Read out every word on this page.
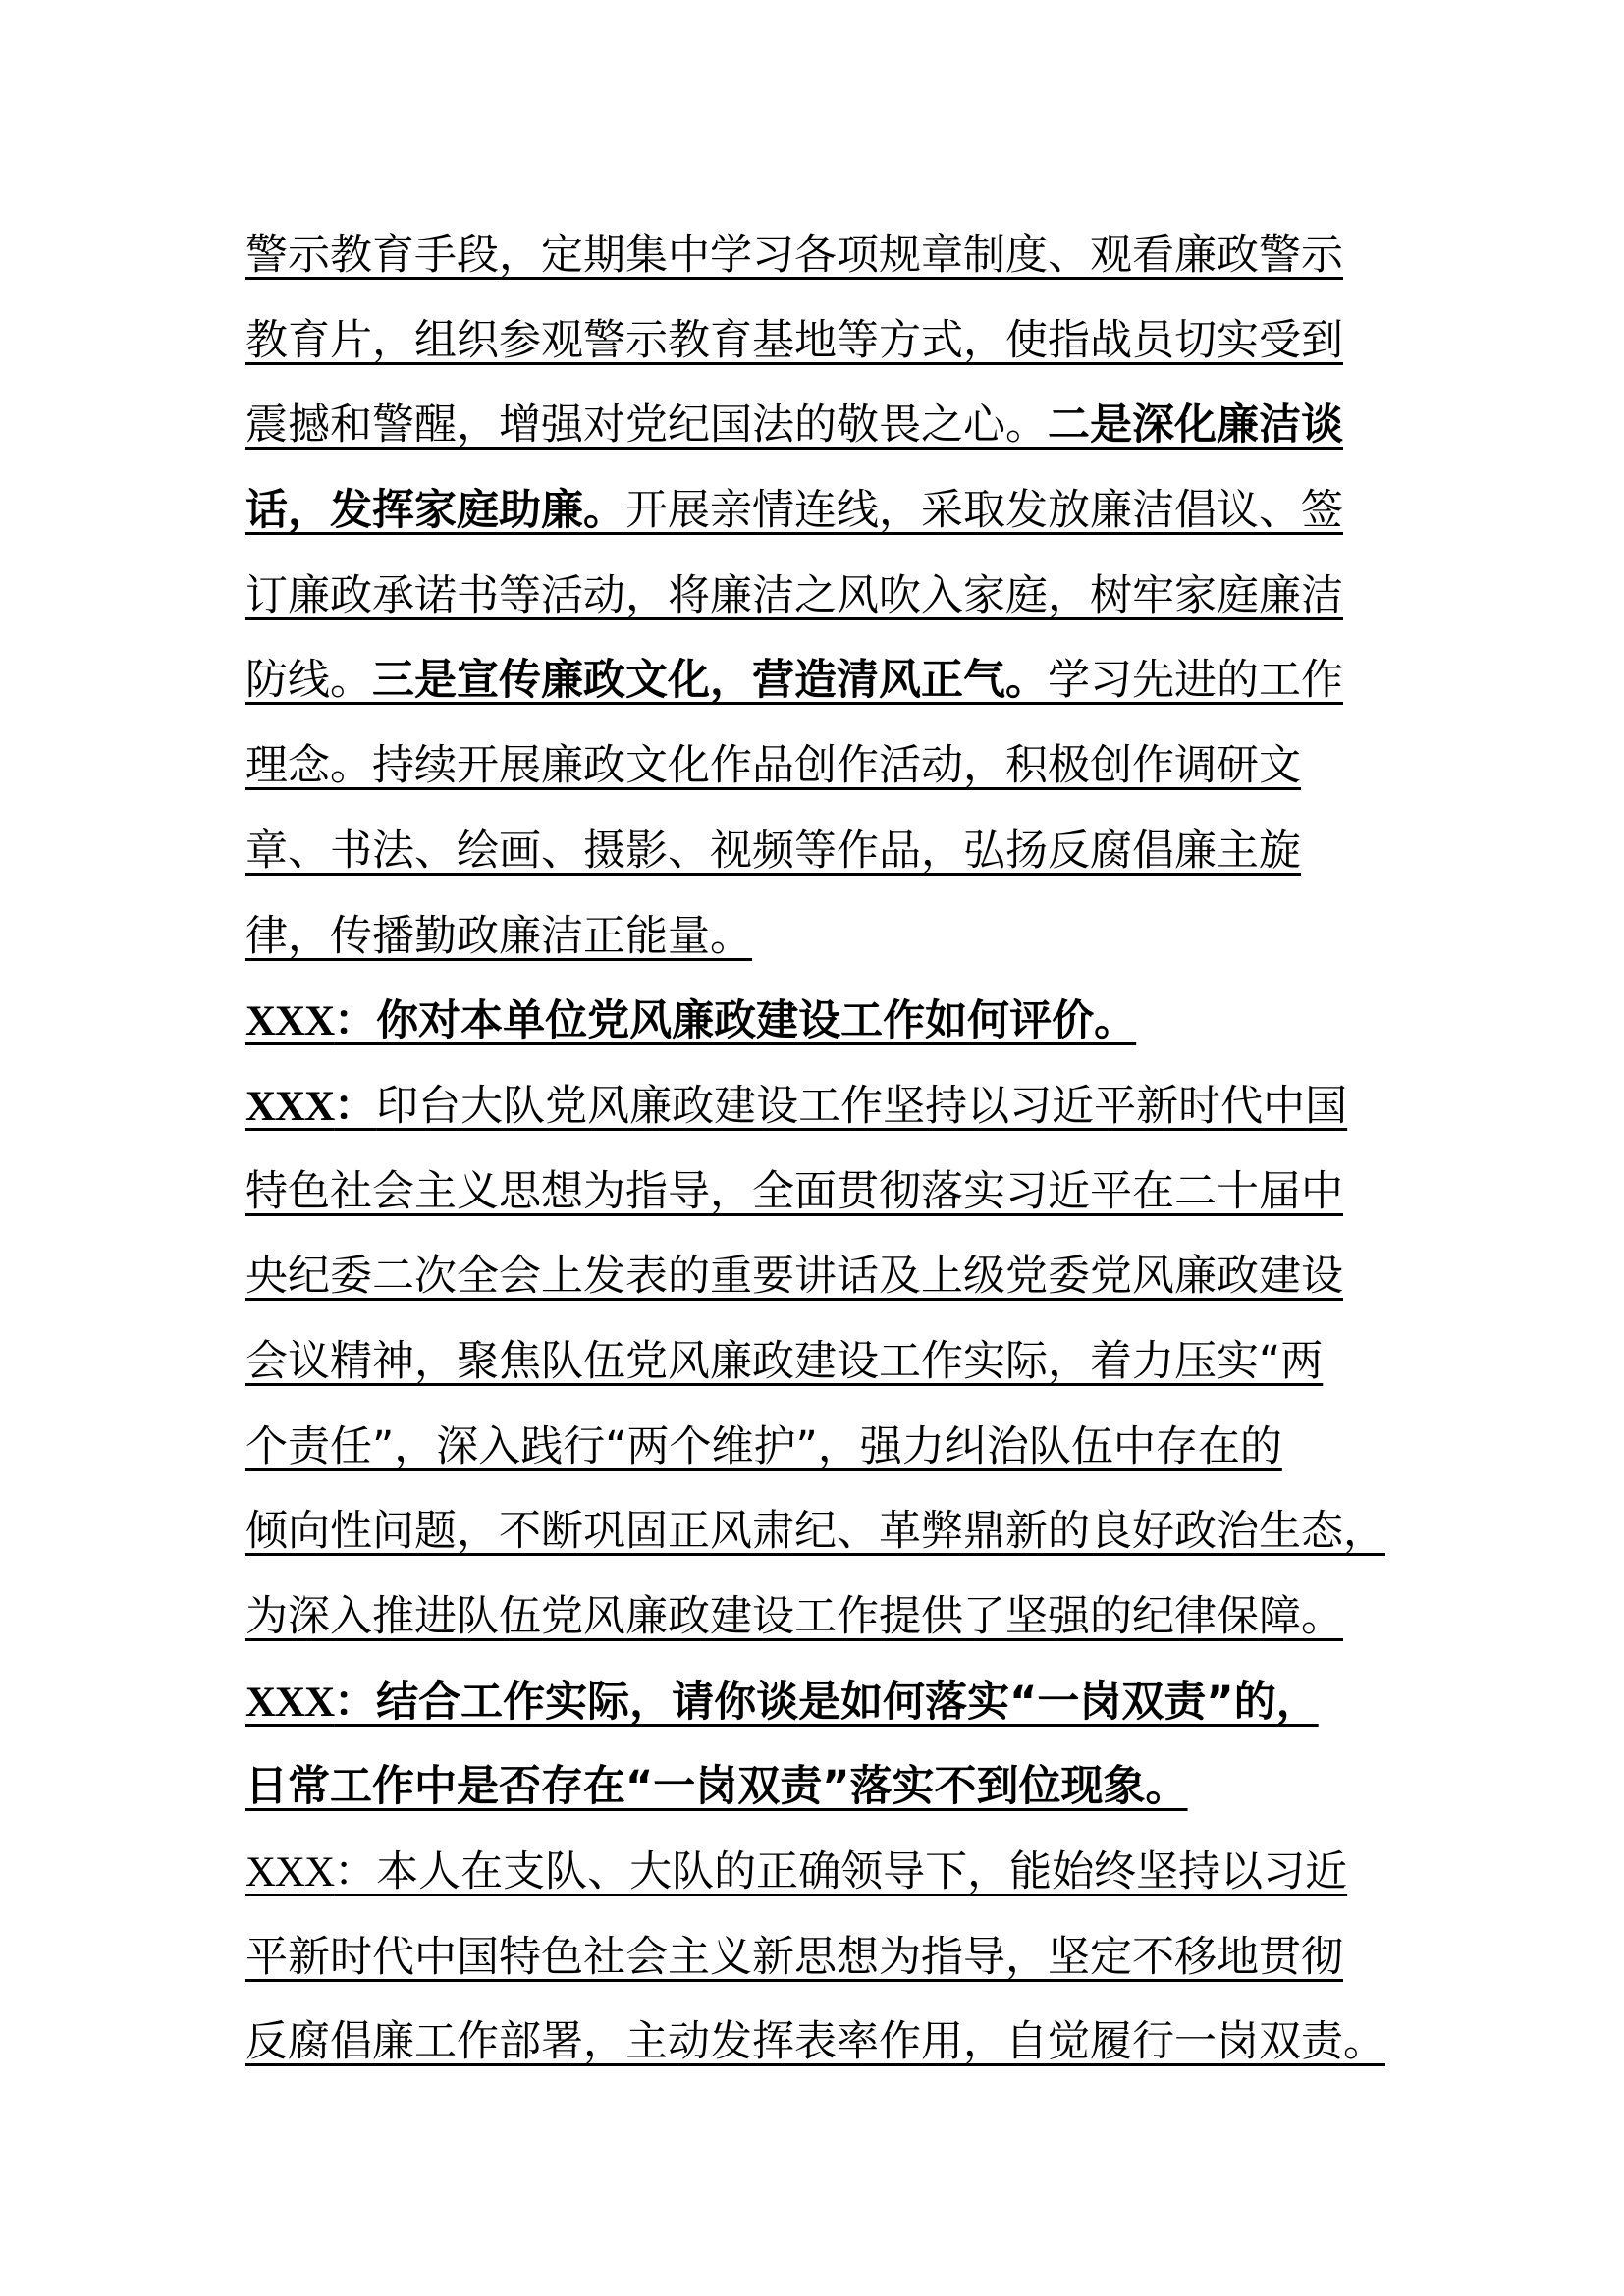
警示教育手段，定期集中学习各项规章制度、观看廉政警示
教育片，组织参观警示教育基地等方式，使指战员切实受到
震撼和警醒，增强对党纪国法的敬畏之心。二是深化廉洁谈
话，发挥家庭助廉。开展亲情连线，采取发放廉洁倡议、签
订廉政承诺书等活动，将廉洁之风吹入家庭，树牢家庭廉洁
防线。三是宣传廉政文化，营造清风正气。学习先进的工作
理念。持续开展廉政文化作品创作活动，积极创作调研文
章、书法、绘画、摄影、视频等作品，弘扬反腐倡廉主旋
律，传播勤政廉洁正能量。
XXX：你对本单位党风廉政建设工作如何评价。
XXX：印台大队党风廉政建设工作坚持以习近平新时代中国
特色社会主义思想为指导，全面贯彻落实习近平在二十届中
央纪委二次全会上发表的重要讲话及上级党委党风廉政建设
会议精神，聚焦队伍党风廉政建设工作实际，着力压实“两
个责任”，深入践行“两个维护”，强力纠治队伍中存在的
倾向性问题，不断巩固正风肃纪、革弊鼎新的良好政治生态，
为深入推进队伍党风廉政建设工作提供了坚强的纪律保障。
XXX：结合工作实际，请你谈是如何落实“一岗双责”的，
日常工作中是否存在“一岗双责”落实不到位现象。
XXX：本人在支队、大队的正确领导下，能始终坚持以习近
平新时代中国特色社会主义新思想为指导，坚定不移地贯彻
反腐倡廉工作部署，主动发挥表率作用，自觉履行一岗双责。
